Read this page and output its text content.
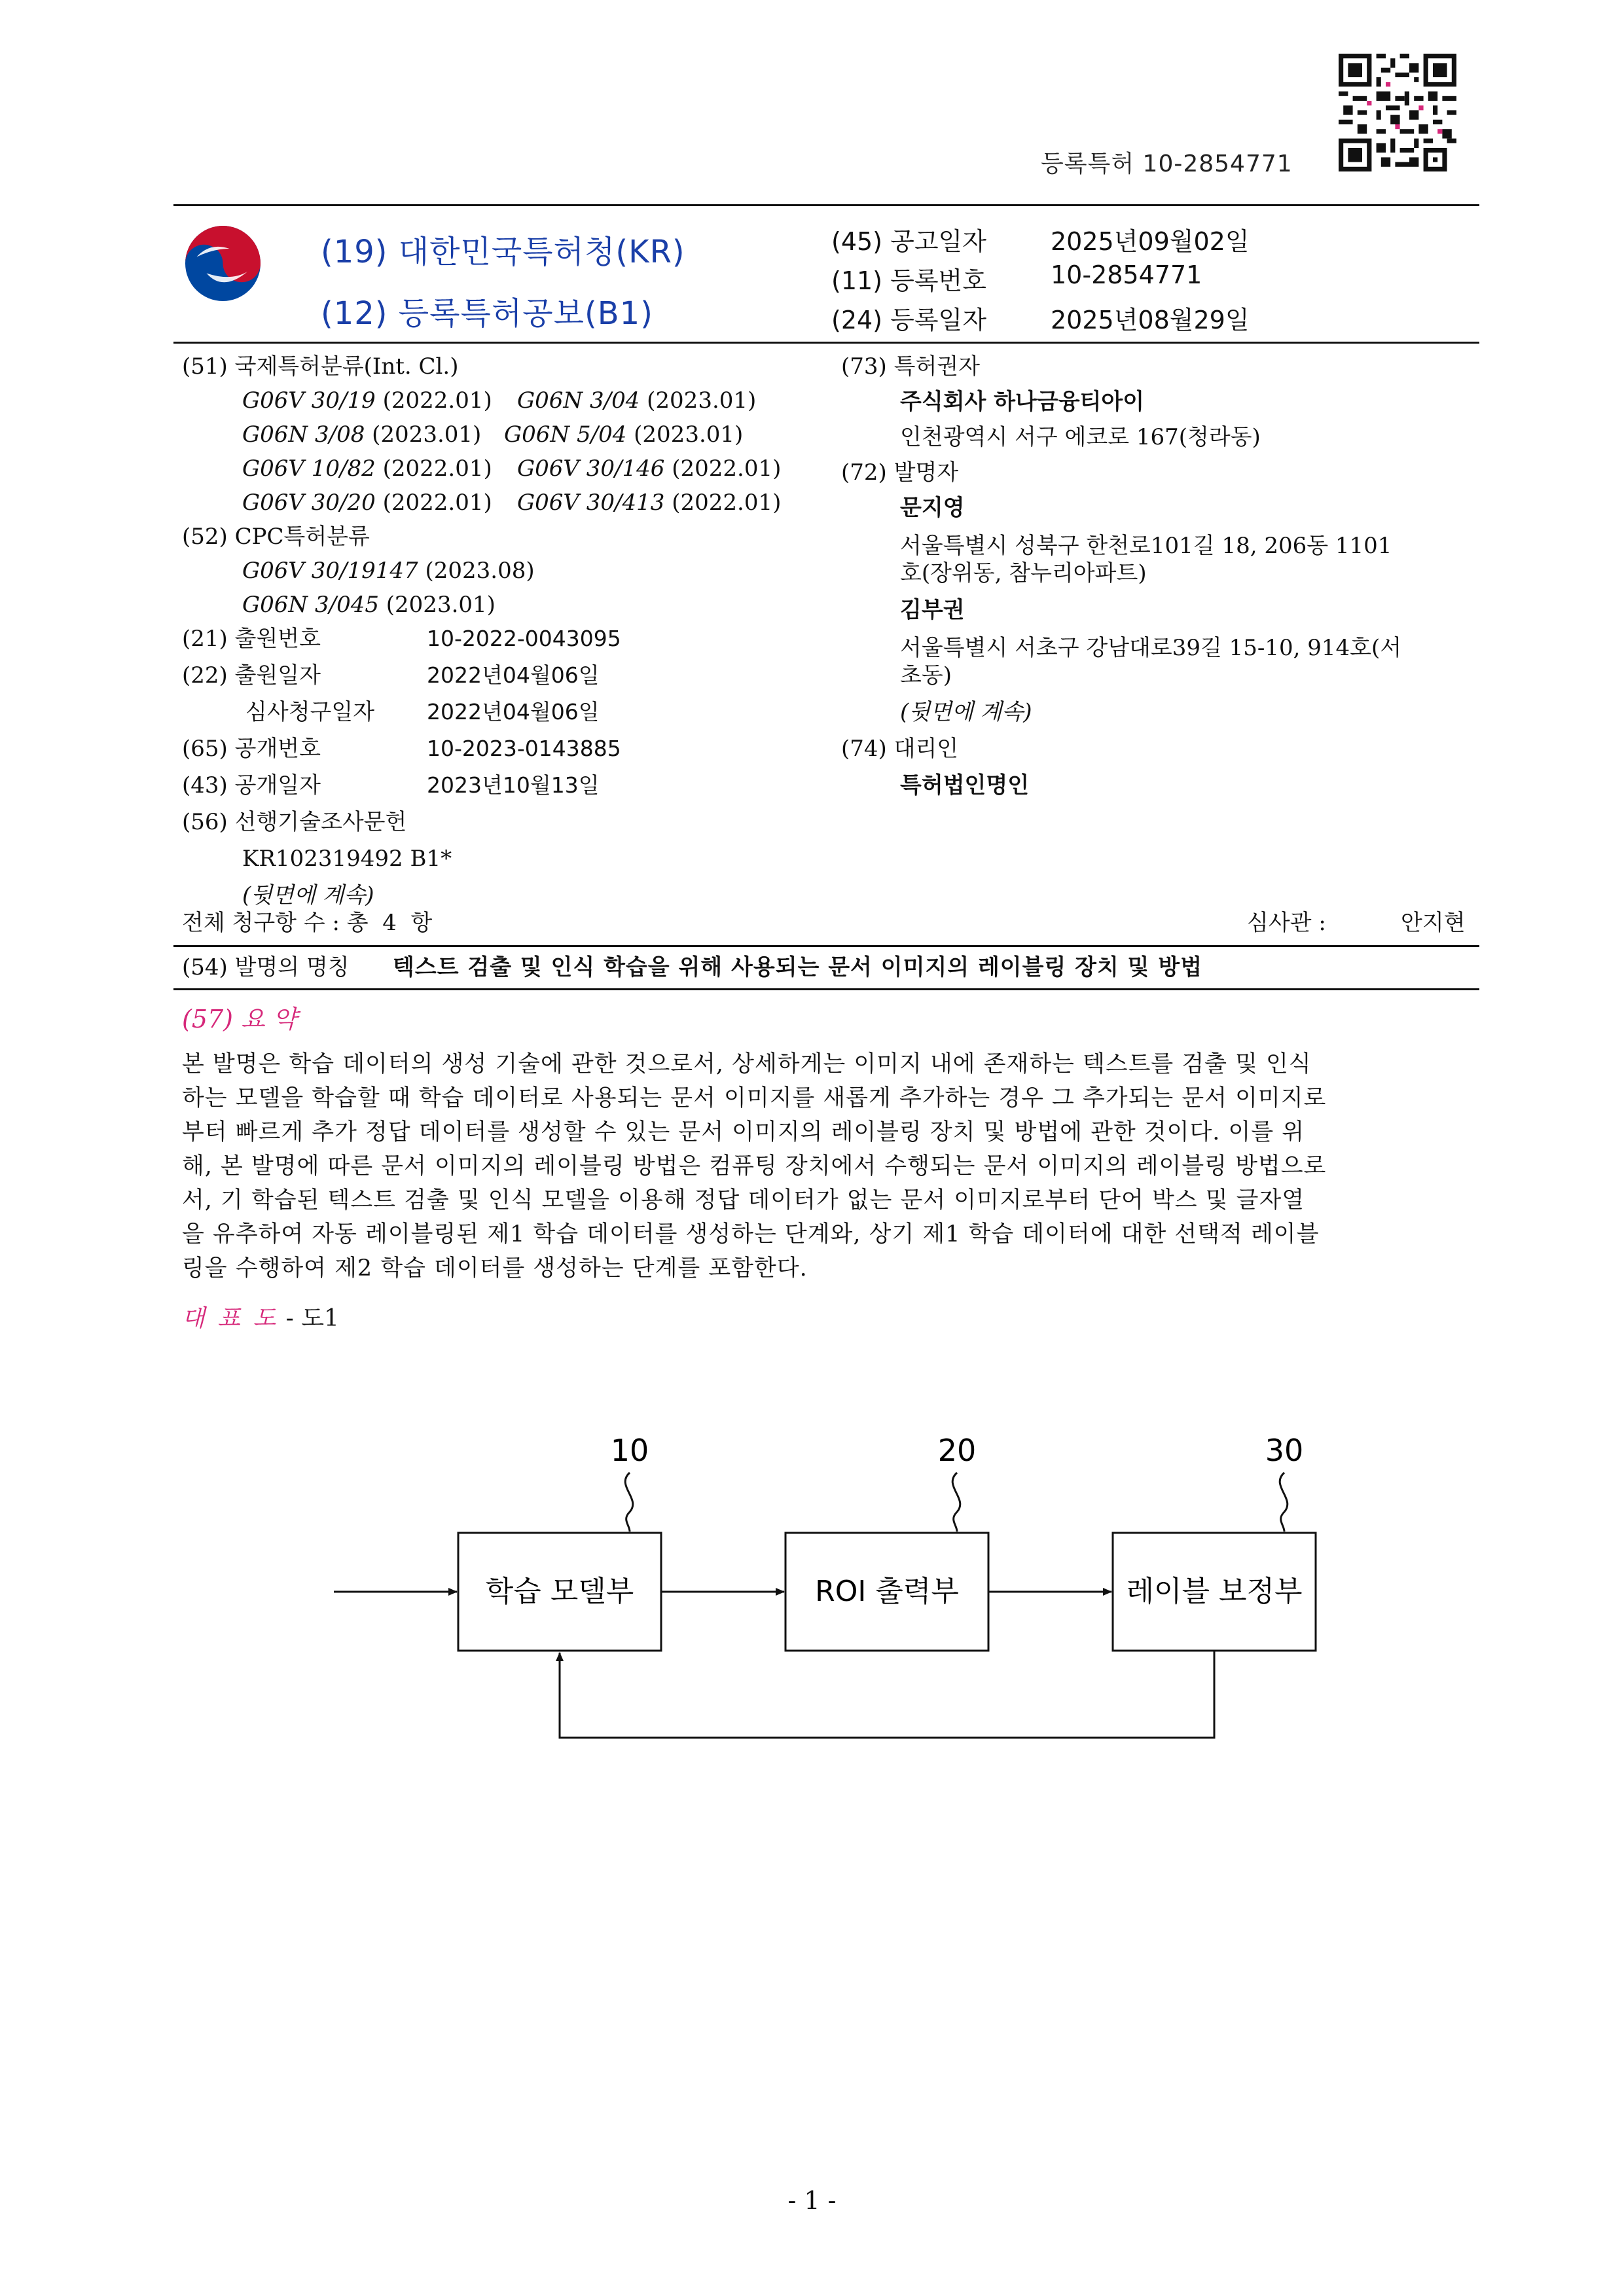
등록특허 10-2854771
(19) 대한민국특허청(KR)
(12) 등록특허공보(B1)
(45) 공고일자	2025년09월02일
(11) 등록번호	10-2854771
(24) 등록일자	2025년08월29일
(51) 국제특허분류(Int. Cl.)
G06V 30/19 (2022.01) G06N 3/04 (2023.01)
G06N 3/08 (2023.01) G06N 5/04 (2023.01)
G06V 10/82 (2022.01) G06V 30/146 (2022.01)
G06V 30/20 (2022.01) G06V 30/413 (2022.01)
(52) CPC특허분류
G06V 30/19147 (2023.08)
G06N 3/045 (2023.01)
(21) 출원번호	10-2022-0043095
(22) 출원일자	2022년04월06일
심사청구일자 2022년04월06일
(65) 공개번호	10-2023-0143885
(43) 공개일자	2023년10월13일
(56) 선행기술조사문헌
KR102319492 B1*
(뒷면에 계속)
(73) 특허권자
주식회사 하나금융티아이
인천광역시 서구 에코로 167(청라동)
(72) 발명자
문지영
서울특별시 성북구 한천로101길 18, 206동 1101
호(장위동, 참누리아파트)
김부권
서울특별시 서초구 강남대로39길 15-10, 914호(서
초동)
(뒷면에 계속)
(74) 대리인
특허법인명인
전체 청구항 수 : 총  4  항	심사관 :	안지현
(54) 발명의 명칭 텍스트 검출 및 인식 학습을 위해 사용되는 문서 이미지의 레이블링 장치 및 방법
(57) 요 약
본 발명은 학습 데이터의 생성 기술에 관한 것으로서, 상세하게는 이미지 내에 존재하는 텍스트를 검출 및 인식
하는 모델을 학습할 때 학습 데이터로 사용되는 문서 이미지를 새롭게 추가하는 경우 그 추가되는 문서 이미지로
부터 빠르게 추가 정답 데이터를 생성할 수 있는 문서 이미지의 레이블링 장치 및 방법에 관한 것이다. 이를 위
해, 본 발명에 따른 문서 이미지의 레이블링 방법은 컴퓨팅 장치에서 수행되는 문서 이미지의 레이블링 방법으로
서, 기 학습된 텍스트 검출 및 인식 모델을 이용해 정답 데이터가 없는 문서 이미지로부터 단어 박스 및 글자열
을 유추하여 자동 레이블링된 제1 학습 데이터를 생성하는 단계와, 상기 제1 학습 데이터에 대한 선택적 레이블
링을 수행하여 제2 학습 데이터를 생성하는 단계를 포함한다.
대 표 도 - 도1
10	20	30
학습 모델부	ROI 출력부	레이블 보정부
- 1 -
